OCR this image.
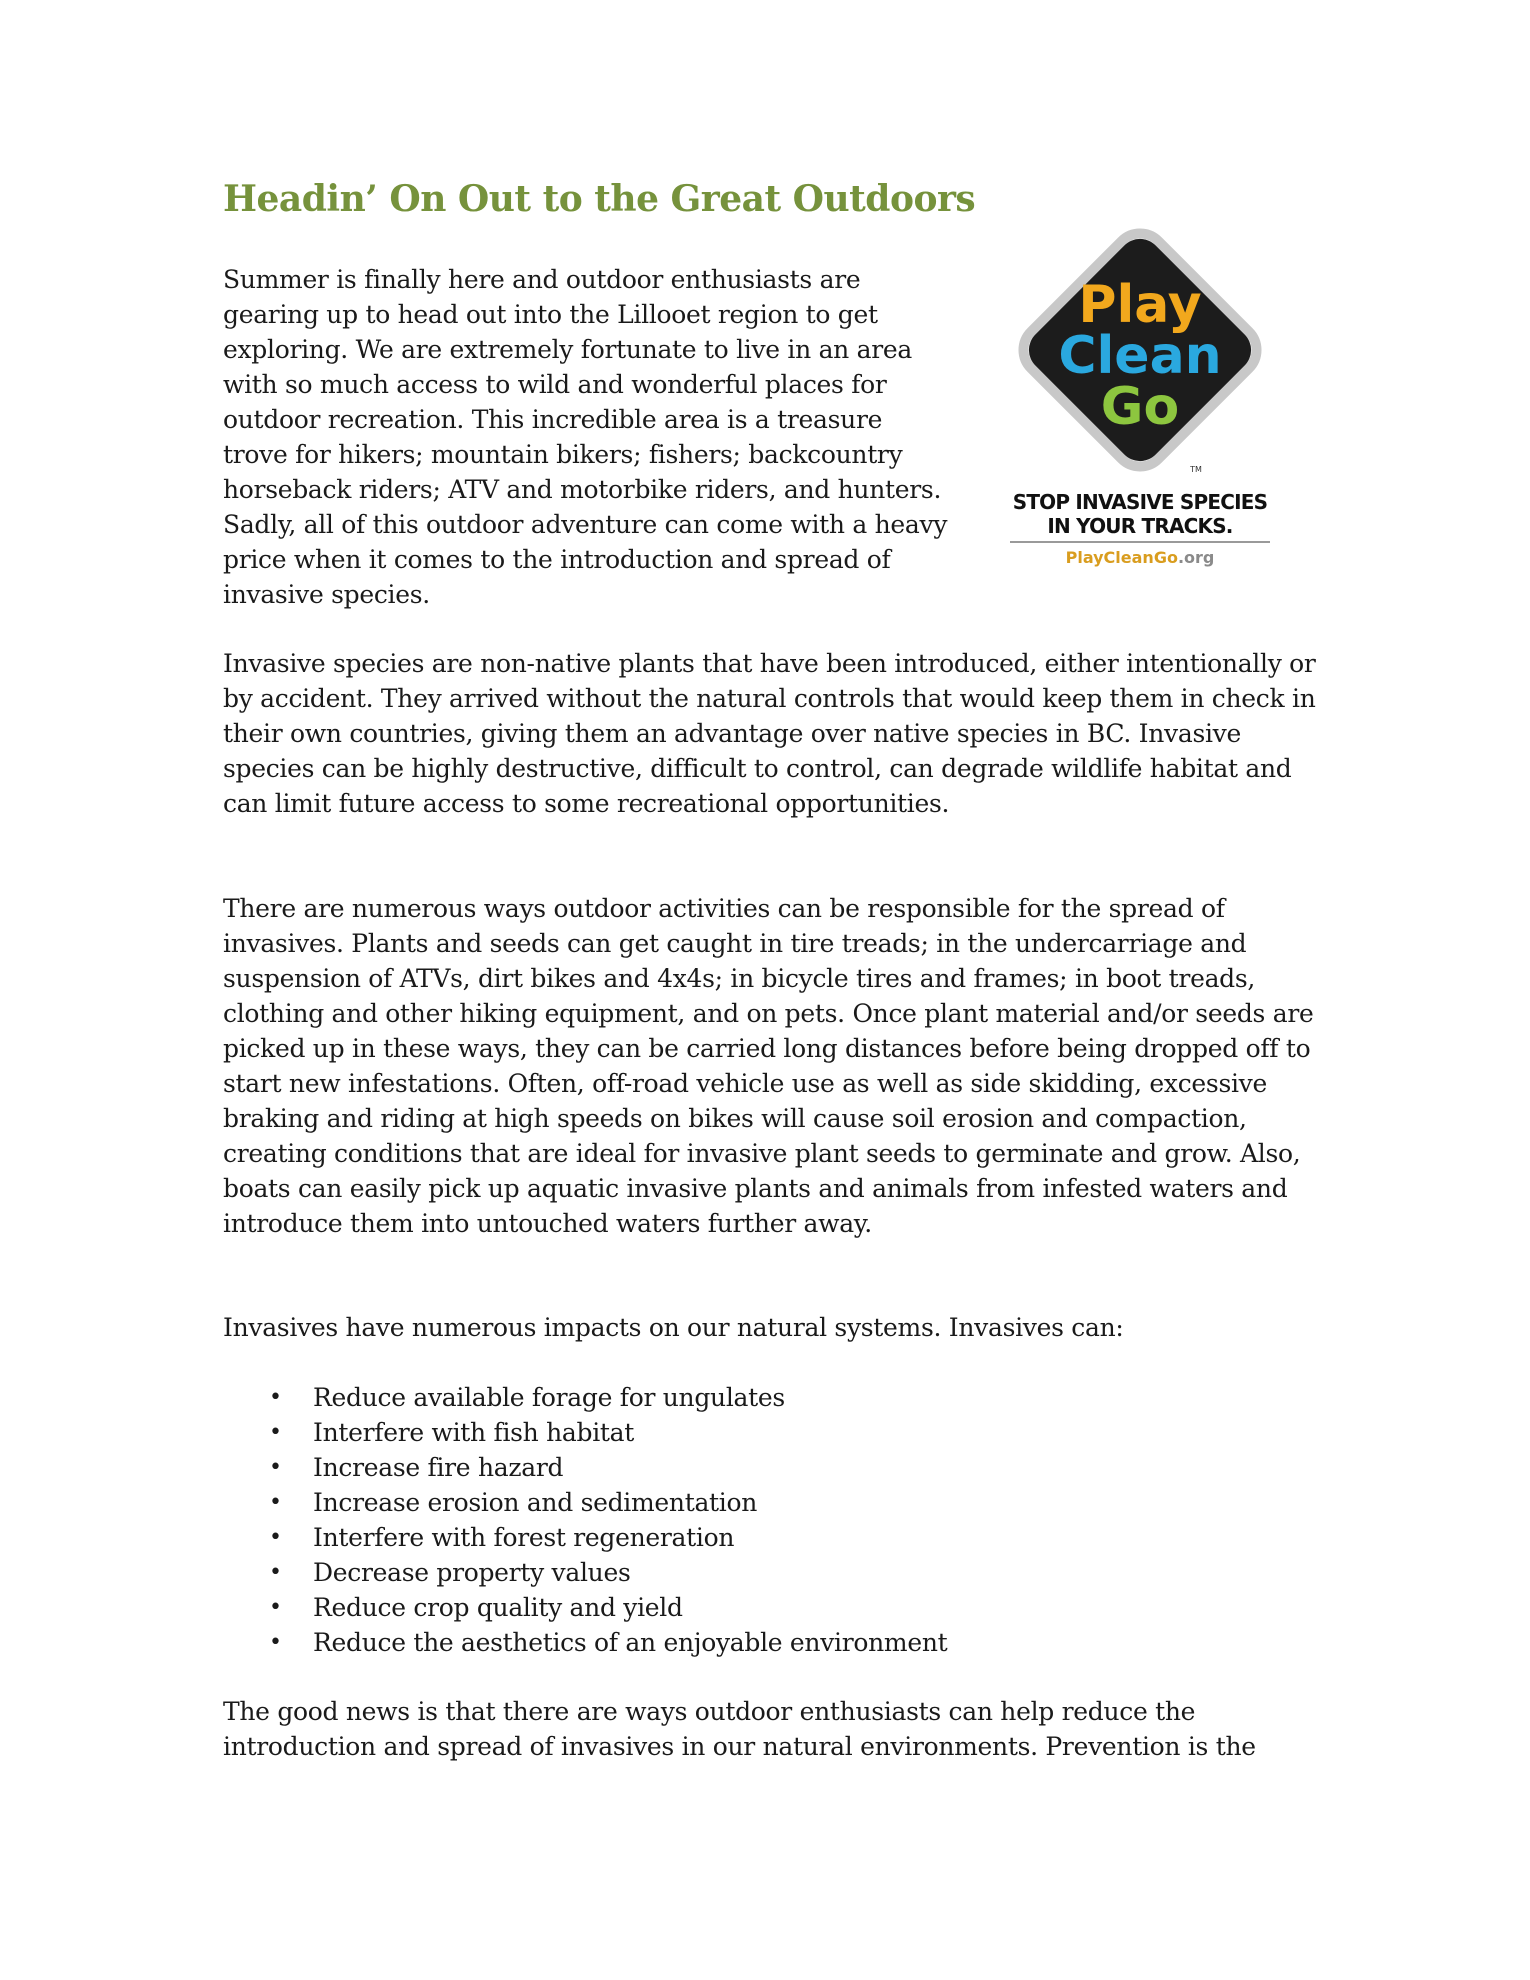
Headin’ On Out to the Great Outdoors

Summer is finally here and outdoor enthusiasts are gearing up to head out into the Lillooet region to get exploring. We are extremely fortunate to live in an area with so much access to wild and wonderful places for outdoor recreation. This incredible area is a treasure trove for hikers; mountain bikers; fishers; backcountry horseback riders; ATV and motorbike riders, and hunters. Sadly, all of this outdoor adventure can come with a heavy price when it comes to the introduction and spread of invasive species.

Play
Clean
Go
TM

STOP INVASIVE SPECIES
IN YOUR TRACKS.

PlayCleanGo.org

Invasive species are non-native plants that have been introduced, either intentionally or by accident. They arrived without the natural controls that would keep them in check in their own countries, giving them an advantage over native species in BC. Invasive species can be highly destructive, difficult to control, can degrade wildlife habitat and can limit future access to some recreational opportunities.

There are numerous ways outdoor activities can be responsible for the spread of invasives. Plants and seeds can get caught in tire treads; in the undercarriage and suspension of ATVs, dirt bikes and 4x4s; in bicycle tires and frames; in boot treads, clothing and other hiking equipment, and on pets. Once plant material and/or seeds are picked up in these ways, they can be carried long distances before being dropped off to start new infestations. Often, off-road vehicle use as well as side skidding, excessive braking and riding at high speeds on bikes will cause soil erosion and compaction, creating conditions that are ideal for invasive plant seeds to germinate and grow. Also, boats can easily pick up aquatic invasive plants and animals from infested waters and introduce them into untouched waters further away.

Invasives have numerous impacts on our natural systems. Invasives can:

• Reduce available forage for ungulates
• Interfere with fish habitat
• Increase fire hazard
• Increase erosion and sedimentation
• Interfere with forest regeneration
• Decrease property values
• Reduce crop quality and yield
• Reduce the aesthetics of an enjoyable environment

The good news is that there are ways outdoor enthusiasts can help reduce the introduction and spread of invasives in our natural environments. Prevention is the
